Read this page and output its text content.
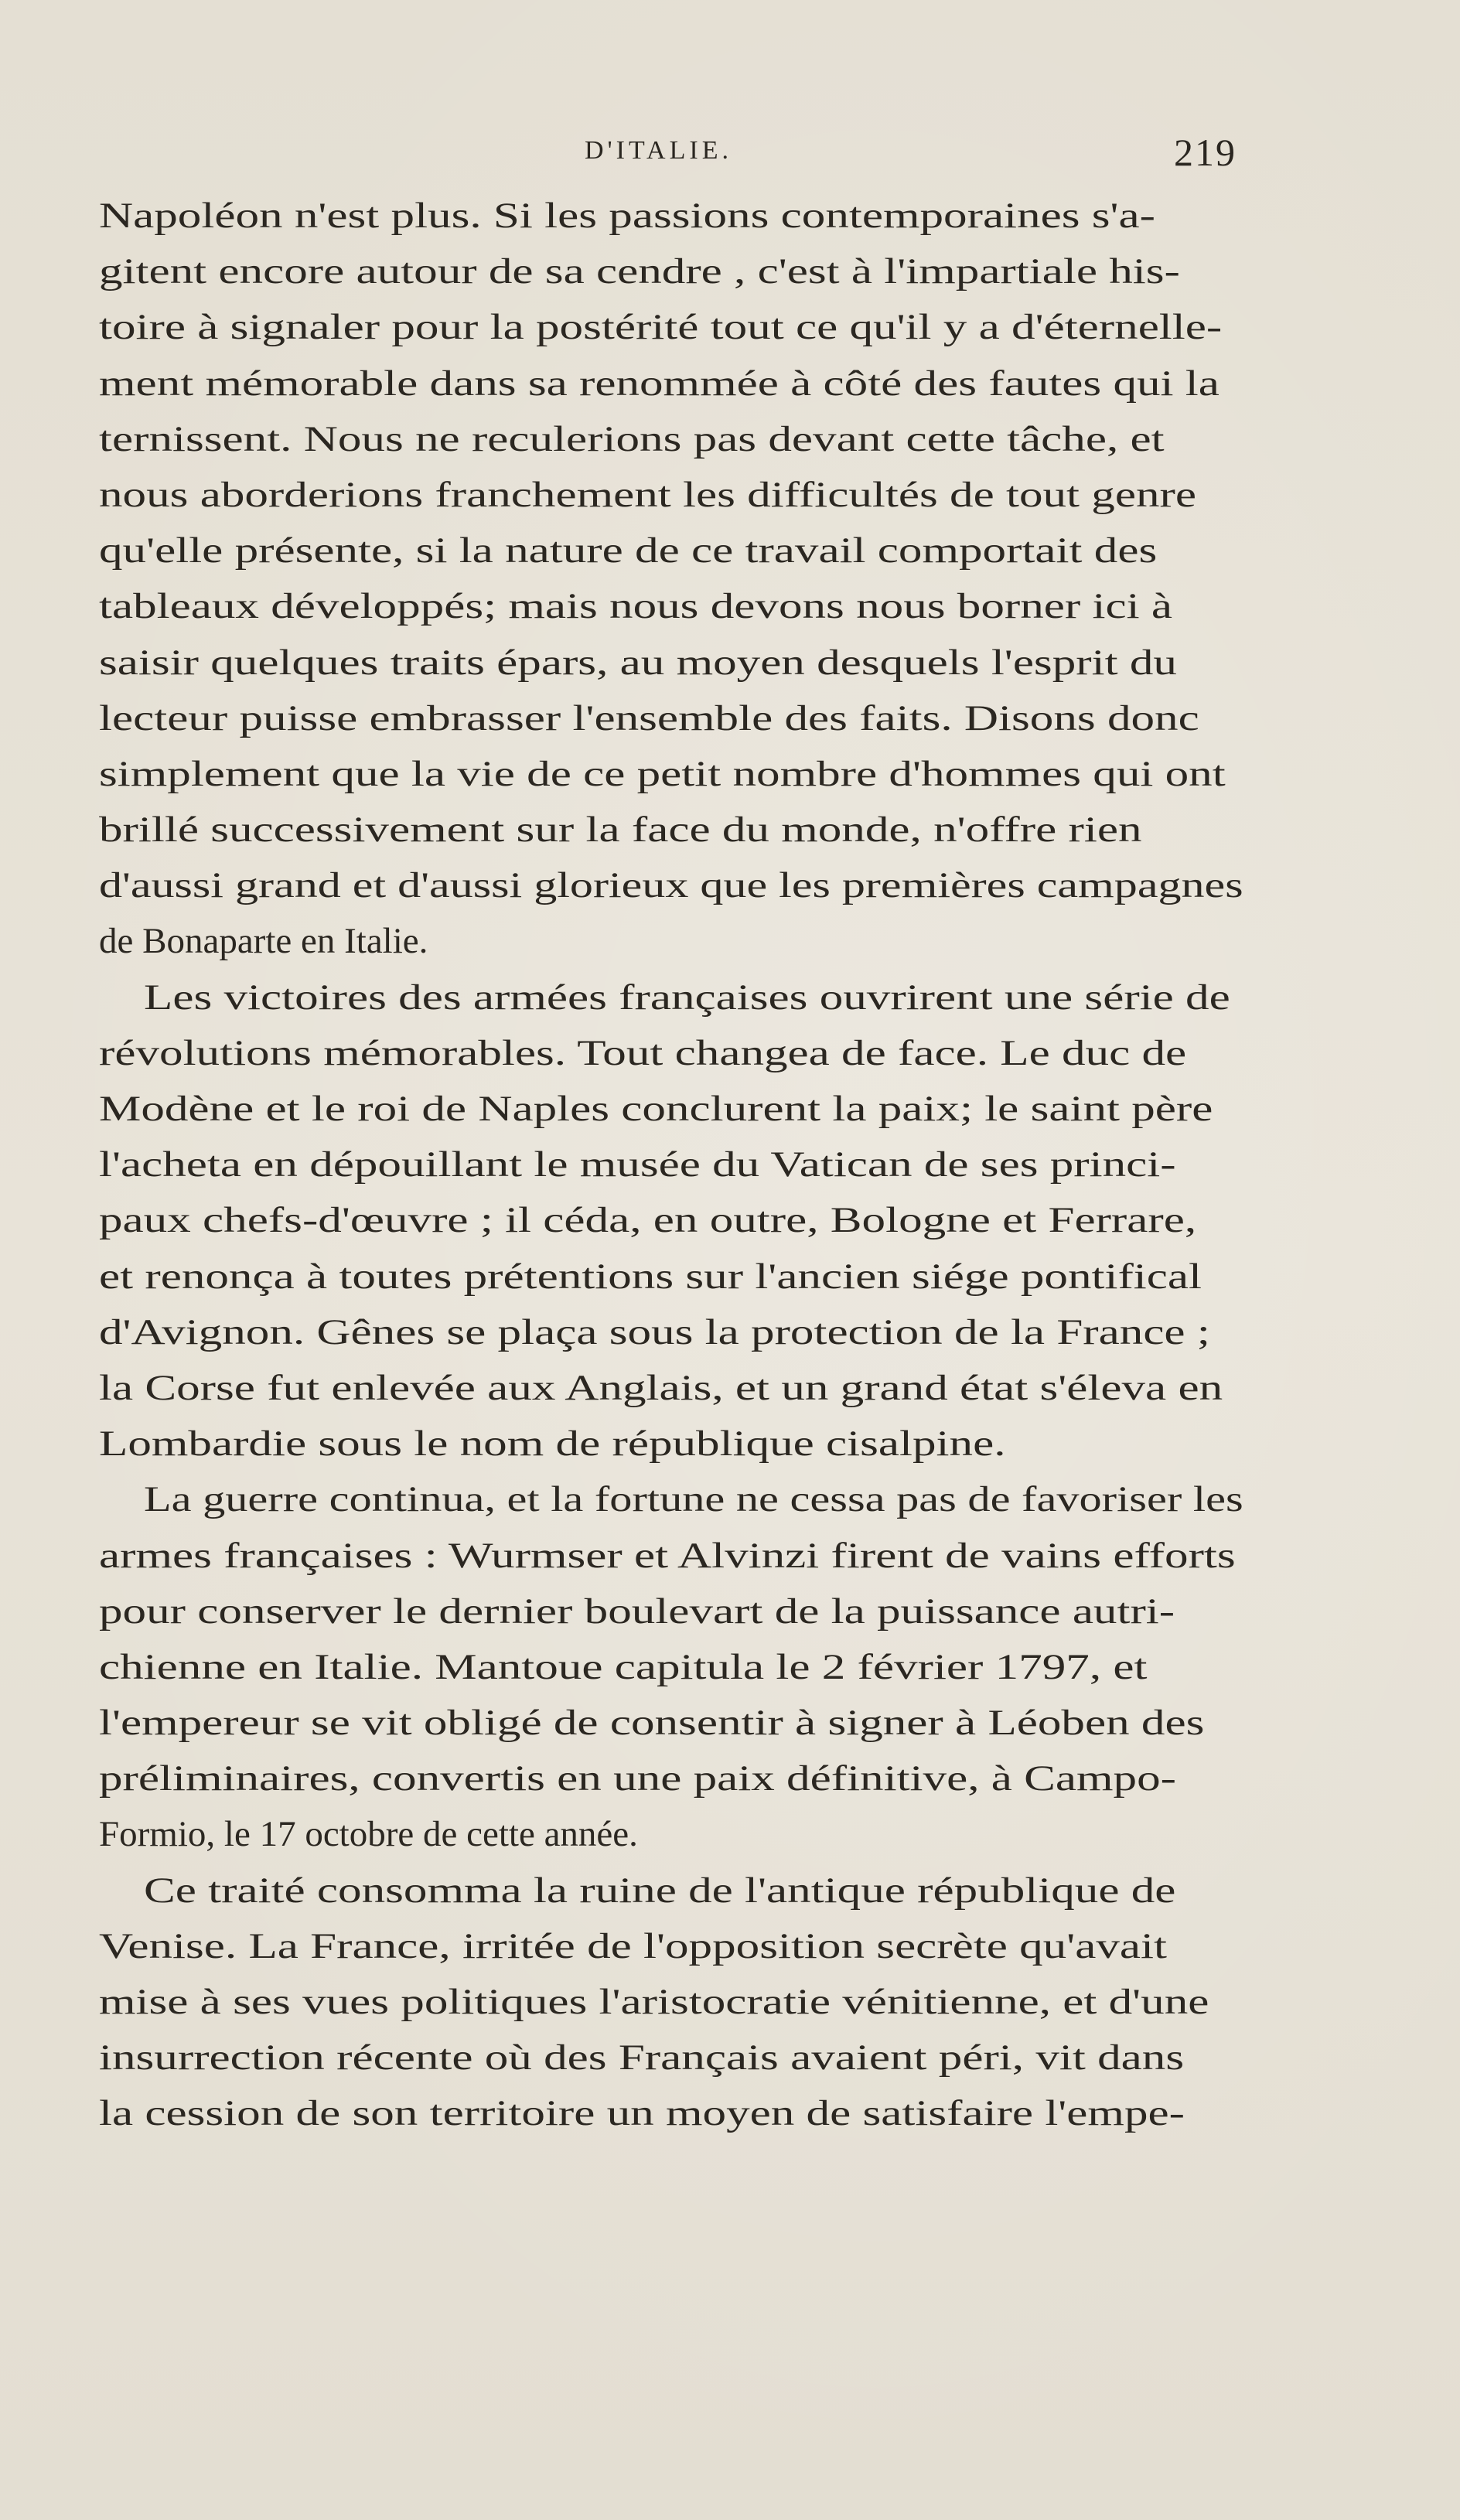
D'ITALIE.	219
Napoléon n'est plus. Si les passions contemporaines s'a-
gitent encore autour de sa cendre , c'est à l'impartiale his-
toire à signaler pour la postérité tout ce qu'il y a d'éternelle-
ment mémorable dans sa renommée à côté des fautes qui la
ternissent. Nous ne reculerions pas devant cette tâche, et
nous aborderions franchement les difficultés de tout genre
qu'elle présente, si la nature de ce travail comportait des
tableaux développés; mais nous devons nous borner ici à
saisir quelques traits épars, au moyen desquels l'esprit du
lecteur puisse embrasser l'ensemble des faits. Disons donc
simplement que la vie de ce petit nombre d'hommes qui ont
brillé successivement sur la face du monde, n'offre rien
d'aussi grand et d'aussi glorieux que les premières campagnes
de Bonaparte en Italie.
Les victoires des armées françaises ouvrirent une série de
révolutions mémorables. Tout changea de face. Le duc de
Modène et le roi de Naples conclurent la paix; le saint père
l'acheta en dépouillant le musée du Vatican de ses princi-
paux chefs-d'œuvre ; il céda, en outre, Bologne et Ferrare,
et renonça à toutes prétentions sur l'ancien siége pontifical
d'Avignon. Gênes se plaça sous la protection de la France ;
la Corse fut enlevée aux Anglais, et un grand état s'éleva en
Lombardie sous le nom de république cisalpine.
La guerre continua, et la fortune ne cessa pas de favoriser les
armes françaises : Wurmser et Alvinzi firent de vains efforts
pour conserver le dernier boulevart de la puissance autri-
chienne en Italie. Mantoue capitula le 2 février 1797, et
l'empereur se vit obligé de consentir à signer à Léoben des
préliminaires, convertis en une paix définitive, à Campo-
Formio, le 17 octobre de cette année.
Ce traité consomma la ruine de l'antique république de
Venise. La France, irritée de l'opposition secrète qu'avait
mise à ses vues politiques l'aristocratie vénitienne, et d'une
insurrection récente où des Français avaient péri, vit dans
la cession de son territoire un moyen de satisfaire l'empe-
